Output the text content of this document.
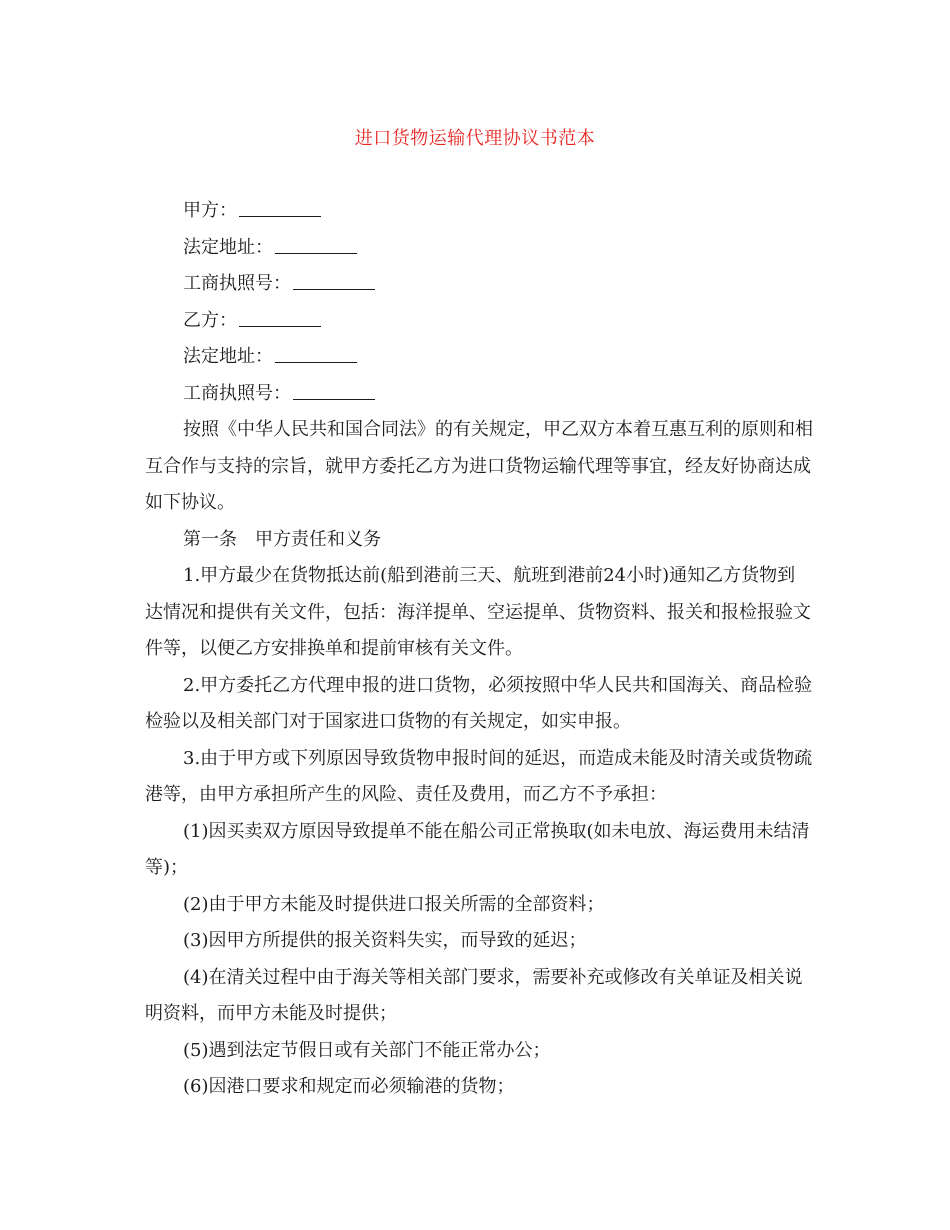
进口货物运输代理协议书范本

甲方：

法定地址：

工商执照号：

乙方：

法定地址：

工商执照号：

按照《中华人民共和国合同法》的有关规定，甲乙双方本着互惠互利的原则和相互合作与支持的宗旨，就甲方委托乙方为进口货物运输代理等事宜，经友好协商达成如下协议。

第一条　甲方责任和义务

1.甲方最少在货物抵达前(船到港前三天、航班到港前24小时)通知乙方货物到达情况和提供有关文件，包括：海洋提单、空运提单、货物资料、报关和报检报验文件等，以便乙方安排换单和提前审核有关文件。

2.甲方委托乙方代理申报的进口货物，必须按照中华人民共和国海关、商品检验检验以及相关部门对于国家进口货物的有关规定，如实申报。

3.由于甲方或下列原因导致货物申报时间的延迟，而造成未能及时清关或货物疏港等，由甲方承担所产生的风险、责任及费用，而乙方不予承担：

(1)因买卖双方原因导致提单不能在船公司正常换取(如未电放、海运费用未结清等)；

(2)由于甲方未能及时提供进口报关所需的全部资料；

(3)因甲方所提供的报关资料失实，而导致的延迟；

(4)在清关过程中由于海关等相关部门要求，需要补充或修改有关单证及相关说明资料，而甲方未能及时提供；

(5)遇到法定节假日或有关部门不能正常办公；

(6)因港口要求和规定而必须输港的货物；
